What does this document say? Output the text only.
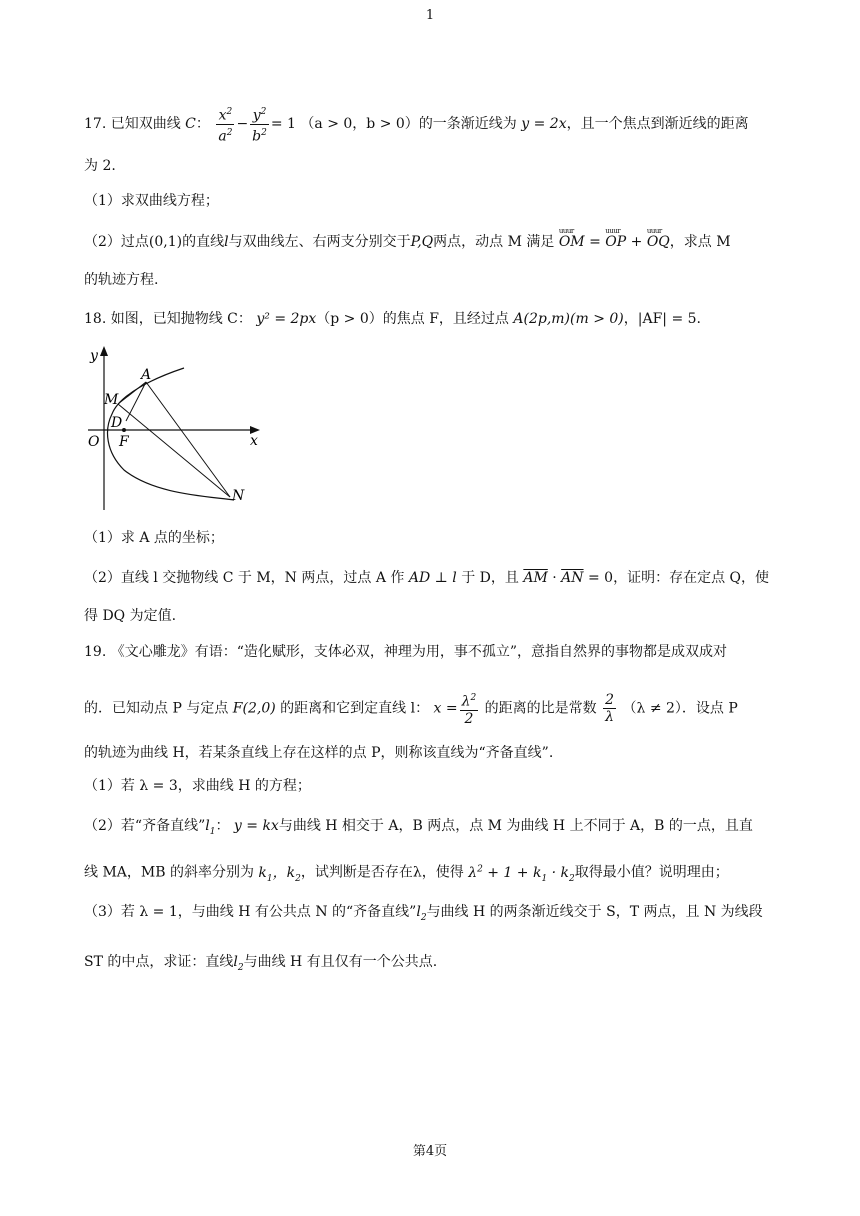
1
17. 已知双曲线 C： $\frac{x^2}{a^2} - \frac{y^2}{b^2} = 1$ （a > 0，b > 0）的一条渐近线为 y = 2x，且一个焦点到渐近线的距离
为 2.
（1）求双曲线方程；
（2）过点(0,1)的直线l与双曲线左、右两支分别交于P,Q两点，动点 M 满足 uuur OM = uuur OP + uuur OQ，求点 M
的轨迹方程.
18. 如图，已知抛物线 C： y² = 2px（p > 0）的焦点 F，且经过点 A(2p,m)(m > 0)，|AF| = 5.
y
x
O F
M
A
D
N
（1）求 A 点的坐标；
（2）直线 l 交抛物线 C 于 M，N 两点，过点 A 作 AD ⊥ l 于 D，且 $\overline{AM} \cdot \overline{AN} = 0$，证明：存在定点 Q，使
得 DQ 为定值.
19. 《文心雕龙》有语：“造化赋形，支体必双，神理为用，事不孤立”，意指自然界的事物都是成双成对
的．已知动点 P 与定点 F(2,0) 的距离和它到定直线 l： $x = \frac{\lambda^2}{2}$ 的距离的比是常数 $\frac{2}{\lambda} (\lambda \ne 2)$．设点 P
的轨迹为曲线 H，若某条直线上存在这样的点 P，则称该直线为“齐备直线”.
（1）若 λ = 3，求曲线 H 的方程；
（2）若“齐备直线$”l_1$： y = kx与曲线 H 相交于 A，B 两点，点 M 为曲线 H 上不同于 A，B 的一点，且直
线 MA，MB 的斜率分别为 $k_1$，$k_2$，试判断是否存在λ，使得 $\lambda^2 + 1 + k_1 \cdot k_2$取得最小值？说明理由；
（3）若 λ = 1，与曲线 H 有公共点 N 的“齐备直线$”l_2$与曲线 H 的两条渐近线交于 S，T 两点，且 N 为线段
ST 的中点，求证：直线$l_2$与曲线 H 有且仅有一个公共点.
第4页
